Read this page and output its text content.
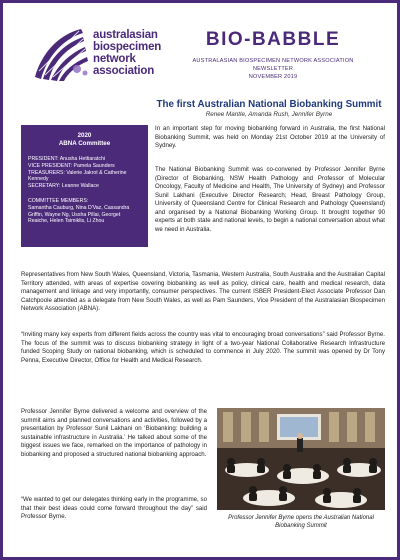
australasian
biospecimen
network
association
BIO-BABBLE
AUSTRALASIAN BIOSPECIMEN NETWORK ASSOCIATION
NEWSLETTER
NOVEMBER 2019
The first Australian National Biobanking Summit
Renee Mantle, Amanda Rush, Jennifer Byrne
2020
ABNA Committee

PRESIDENT: Anusha Hettiaratchi

VICE PRESIDENT: Pamela Saunders

TREASURERS: Valerie Jakrot & Catherine Kennedy

SECRETARY: Leanne Wallace

COMMITTEE MEMBERS:

Samantha Cauburg, Nina D'Vaz, Cassandra Griffin, Wayne Ng, Ussha Pillai, Georget Reaiche, Helen Tsimiklis, Li Zhou

In an important step for moving biobanking forward in Australia, the first National Biobanking Summit, was held on Monday 21st October 2019 at the University of Sydney.

The National Biobanking Summit was co-convened by Professor Jennifer Byrne (Director of Biobanking, NSW Health Pathology and Professor of Molecular Oncology, Faculty of Medicine and Health, The University of Sydney) and Professor Sunil Lakhani (Executive Director Research; Head, Breast Pathology Group, University of Queensland Centre for Clinical Research and Pathology Queensland) and organised by a National Biobanking Working Group. It brought together 90 experts at both state and national levels, to begin a national conversation about what we need in Australia.

Representatives from New South Wales, Queensland, Victoria, Tasmania, Western Australia, South Australia and the Australian Capital Territory attended, with areas of expertise covering biobanking as well as policy, clinical care, health and medical research, data management and linkage and very importantly, consumer perspectives. The current ISBER President-Elect Associate Professor Dan Catchpoole attended as a delegate from New South Wales, as well as Pam Saunders, Vice President of the Australasian Biospecimen Network Association (ABNA).

“Inviting many key experts from different fields across the country was vital to encouraging broad conversations” said Professor Byrne. The focus of the summit was to discuss biobanking strategy in light of a two-year National Collaborative Research Infrastructure funded Scoping Study on national biobanking, which is scheduled to commence in July 2020. The summit was opened by Dr Tony Penna, Executive Director, Office for Health and Medical Research.

Professor Jennifer Byrne delivered a welcome and overview of the summit aims and planned conversations and activities, followed by a presentation by Professor Sunil Lakhani on ‘Biobanking: building a sustainable infrastructure in Australia.’ He talked about some of the biggest issues we face, remarked on the importance of pathology in biobanking and proposed a structured national biobanking approach.

“We wanted to get our delegates thinking early in the programme, so that their best ideas could come forward throughout the day” said Professor Byrne.	Professor Jennifer Byrne opens the Australian National Biobanking Summit
